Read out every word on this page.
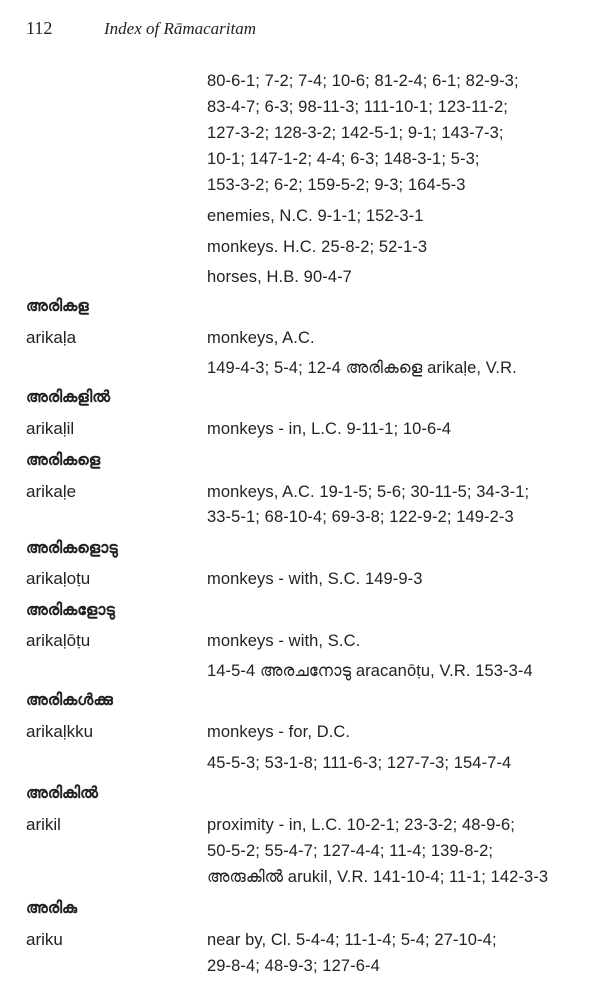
112	Index of Rāmacaritam
80-6-1; 7-2; 7-4; 10-6; 81-2-4; 6-1; 82-9-3;
83-4-7; 6-3; 98-11-3; 111-10-1; 123-11-2;
127-3-2; 128-3-2; 142-5-1; 9-1; 143-7-3;
10-1; 147-1-2; 4-4; 6-3; 148-3-1; 5-3;
153-3-2; 6-2; 159-5-2; 9-3; 164-5-3
enemies, N.C. 9-1-1; 152-3-1
monkeys. H.C. 25-8-2; 52-1-3
horses, H.B. 90-4-7
അരികള
arikaḷa	monkeys, A.C.
149-4-3; 5-4; 12-4 അരികളെ arikaḷe, V.R.
അരികളിൽ
arikaḷil	monkeys - in, L.C. 9-11-1; 10-6-4
അരികളെ
arikaḷe	monkeys, A.C. 19-1-5; 5-6; 30-11-5; 34-3-1;
33-5-1; 68-10-4; 69-3-8; 122-9-2; 149-2-3
അരികളൊടു
arikaḷoṭu	monkeys - with, S.C. 149-9-3
അരികളോടു
arikaḷōṭu	monkeys - with, S.C.
14-5-4 അരചനോടു aracanōṭu, V.R. 153-3-4
അരികൾക്കു
arikaḷkku	monkeys - for, D.C.
45-5-3; 53-1-8; 111-6-3; 127-7-3; 154-7-4
അരികിൽ
arikil	proximity - in, L.C. 10-2-1; 23-3-2; 48-9-6;
50-5-2; 55-4-7; 127-4-4; 11-4; 139-8-2;
അരുകിൽ arukil, V.R. 141-10-4; 11-1; 142-3-3
അരികു
ariku	near by, Cl. 5-4-4; 11-1-4; 5-4; 27-10-4;
29-8-4; 48-9-3; 127-6-4
